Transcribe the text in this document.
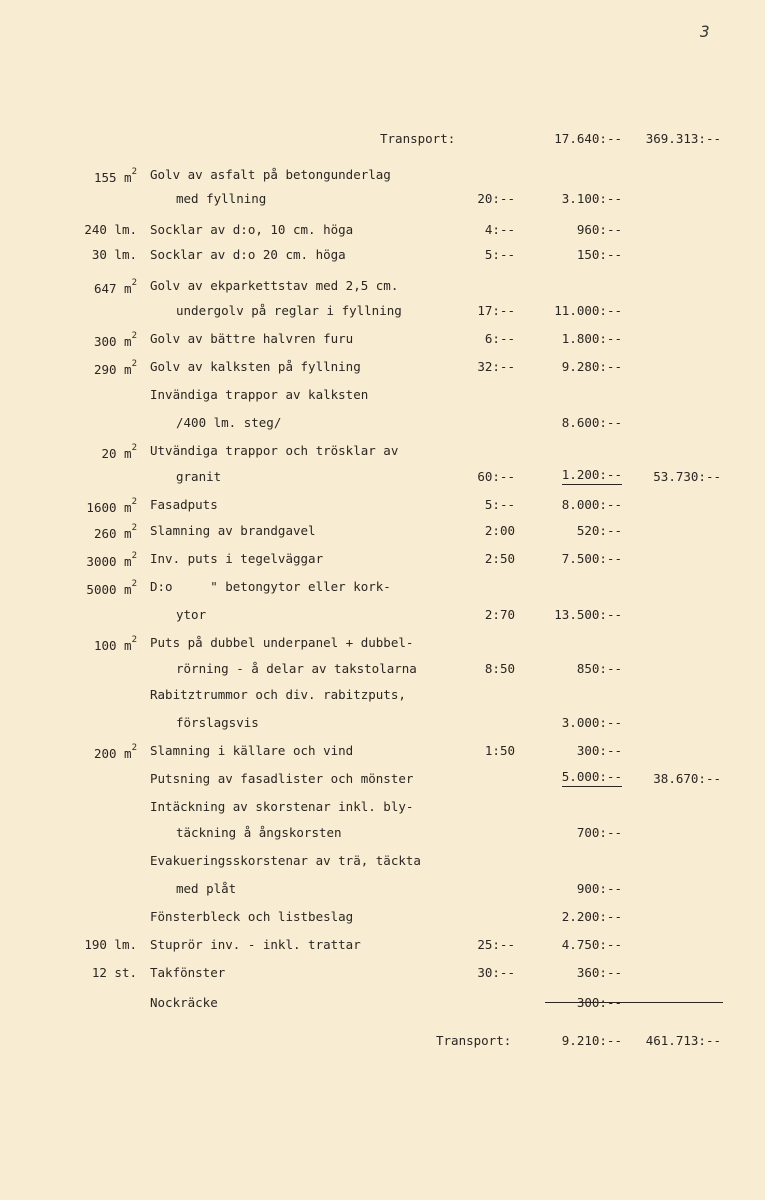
3
Transport:	17.640:-- 369.313:--
155 $m^2$ Golv av asfalt på betongunderlag
med fyllning	20:--	3.100:--
240 lm. Socklar av d:o, 10 cm. höga	4:--	960:--
30 lm. Socklar av d:o 20 cm. höga	5:--	150:--
647 $m^2$ Golv av ekparkettstav med 2,5 cm.
undergolv på reglar i fyllning	17:--	11.000:--
300 $m^2$ Golv av bättre halvren furu	6:--	1.800:--
290 $m^2$ Golv av kalksten på fyllning	32:--	9.280:--
Invändiga trappor av kalksten
/400 lm. steg/	8.600:--
20 $m^2$ Utvändiga trappor och trösklar av
granit	60:--	1.200:--	53.730:--
1600 $m^2$ Fasadputs	5:--	8.000:--
260 $m^2$ Slamning av brandgavel	2:00	520:--
3000 $m^2$ Inv. puts i tegelväggar	2:50	7.500:--
5000 $m^2$ D:o     " betongytor eller kork-
ytor	2:70	13.500:--
100 $m^2$ Puts på dubbel underpanel + dubbel-
rörning - å delar av takstolarna	8:50	850:--
Rabitztrummor och div. rabitzputs,
förslagsvis	3.000:--
200 $m^2$ Slamning i källare och vind	1:50	300:--
Putsning av fasadlister och mönster	5.000:--	38.670:--
Intäckning av skorstenar inkl. bly-
täckning å ångskorsten	700:--
Evakueringsskorstenar av trä, täckta
med plåt	900:--
Fönsterbleck och listbeslag	2.200:--
190 lm. Stuprör inv. - inkl. trattar	25:--	4.750:--
12 st. Takfönster	30:--	360:--
Nockräcke	300:--
Transport:	9.210:-- 461.713:--
